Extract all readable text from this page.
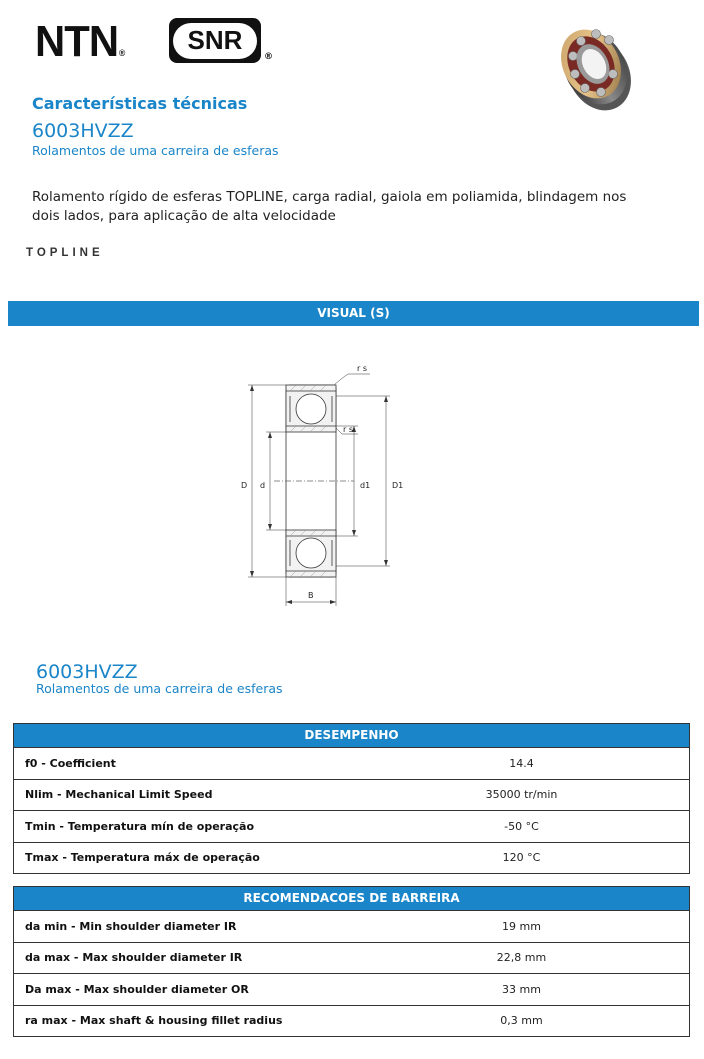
NTN®	SNR
®
Características técnicas
6003HVZZ
Rolamentos de uma carreira de esferas
Rolamento rígido de esferas TOPLINE, carga radial, gaiola em poliamida, blindagem nos dois lados, para aplicação de alta velocidade
TOPLINE
VISUAL (S)
D d	d1	D1
B
r s
r s
6003HVZZ
Rolamentos de uma carreira de esferas
DESEMPENHO
f0 - Coefficient	14.4
Nlim - Mechanical Limit Speed	35000 tr/min
Tmin - Temperatura mín de operação	-50 °C
Tmax - Temperatura máx de operação	120 °C
RECOMENDACOES DE BARREIRA
da min - Min shoulder diameter IR	19 mm
da max - Max shoulder diameter IR	22,8 mm
Da max - Max shoulder diameter OR	33 mm
ra max - Max shaft & housing fillet radius	0,3 mm
